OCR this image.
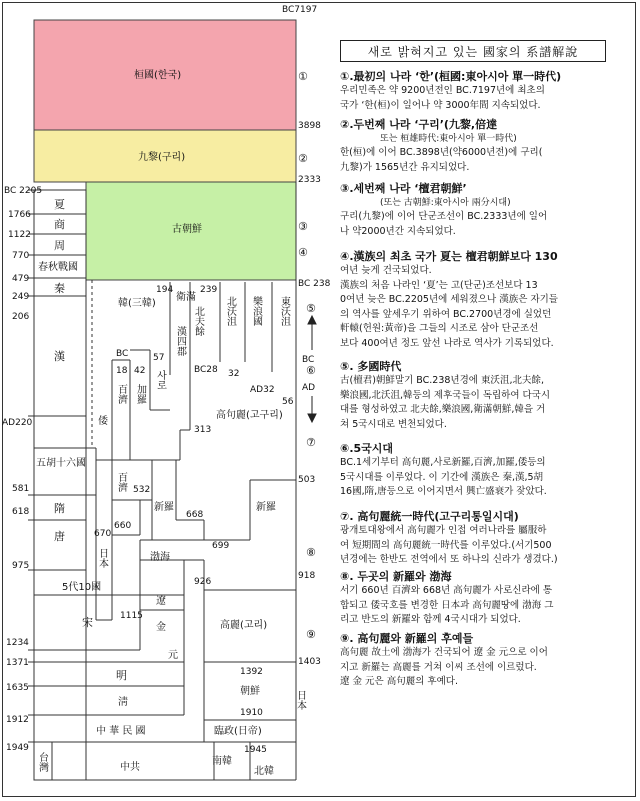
BC 2205
1766
1122
770
479
249
206
AD220
581
618
975
1234
1371
1635
1912
1949
BC7197
3898
2333
BC 238
503
699
918
1115
1403
BC
18 42
57
194	239
BC28 32
AD32
56
313
532
660
670
668
926
1392
1910
1945
桓國(한국)
九黎(구리)
古朝鮮
夏
商
周
春秋戰國
秦
漢
五胡十六國
隋
唐
5代10國
宋
元
明
淸
中 華 民 國
中共
韓(三韓)
南韓
北韓
高句麗(고구리)
渤海
遼
金	高麗(고리)
朝鮮
臨政(日帝)
新羅	新羅
倭
衛滿
北夫餘 北沃沮 樂浪國 東沃沮
漢四郡
百濟
百濟
加羅
사로
日本
日本
台灣
①
②
③
④
⑤
⑥
⑦
⑧
⑨
BC
AD
새로 밝혀지고 있는 國家의 系譜解說
①.最初의 나라 ‘한’(桓國:東아시아 單一時代)
우리민족은 약 9200년전인 BC.7197년에 최초의
국가 ‘한(桓)이 일어나 약 3000年間 지속되었다.
②.두번째 나라 ‘구리’(九黎,倍達
또는 桓雄時代:東아시아 單一時代)
한(桓)에 이어 BC.3898년(약6000년전)에 구리(
九黎)가 1565년간 유지되었다.
③.세번째 나라 ‘檀君朝鮮’
(또는 古朝鮮:東아시아 兩分시대)
구리(九黎)에 이어 단군조선이 BC.2333년에 일어
나 약2000년간 지속되었다.
④.漢族의 최초 국가 夏는 檀君朝鮮보다 130
여년 늦게 건국되었다.
漢族의 처음 나라인 ‘夏’는 고(단군)조선보다 13
0여년 늦은 BC.2205년에 세워졌으나 漢族은 자기들
의 역사를 앞세우기 위하여 BC.2700년경에 실었던
軒轅(헌원:黃帝)을 그들의 시조로 삼아 단군조선
보다 400여년 정도 앞선 나라로 역사가 기록되었다.
⑤. 多國時代
古(檀君)朝鮮말기 BC.238년경에 東沃沮,北夫餘,
樂浪國,北沃沮,韓등의 제후국들이 독립하여 다국시
대를 형성하였고 北夫餘,樂浪國,衛滿朝鮮,韓을 거
쳐 5국시대로 변천되었다.
⑥.5국시대
BC.1세기부터 高句麗,사로新羅,百濟,加羅,倭등의
5국시대를 이루었다. 이 기간에 漢族은 秦,漢,5胡
16國,隋,唐등으로 이어지면서 興亡盛衰가 잦았다.
⑦. 高句麗統一時代(고구리통일시대)
광개토대왕에서 高句麗가 인접 여러나라를 屬服하
여 短期間의 高句麗統一時代를 이루었다.(서기500
년경에는 한반도 전역에서 또 하나의 신라가 생겼다.)
⑧. 두곳의 新羅와 渤海
서기 660년 百濟와 668년 高句麗가 사로신라에 통
합되고 倭국호를 변경한 日本과 高句麗땅에 渤海 그
리고 반도의 新羅와 함께 4국시대가 되었다.
⑨. 高句麗와 新羅의 후예들
高句麗 故土에 渤海가 건국되어 遼 金 元으로 이어
지고 新羅는 高麗를 거쳐 이씨 조선에 이르렀다.
遼 金 元은 高句麗의 후예다.
